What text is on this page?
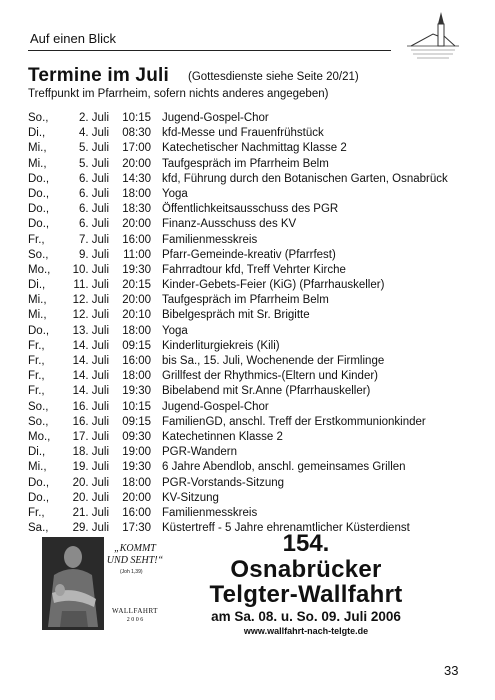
Auf einen Blick
Termine im Juli (Gottesdienste siehe Seite 20/21)
Treffpunkt im Pfarrheim, sofern nichts anderes angegeben)
So.,	2. Juli	10:15 Jugend-Gospel-Chor
Di.,	4. Juli	08:30 kfd-Messe und Frauenfrühstück
Mi.,	5. Juli	17:00 Katechetischer Nachmittag Klasse 2
Mi.,	5. Juli	20:00 Taufgespräch im Pfarrheim Belm
Do.,	6. Juli	14:30 kfd, Führung durch den Botanischen Garten, Osnabrück
Do.,	6. Juli	18:00 Yoga
Do.,	6. Juli	18:30 Öffentlichkeitsausschuss des PGR
Do.,	6. Juli	20:00 Finanz-Ausschuss des KV
Fr.,	7. Juli	16:00 Familienmesskreis
So.,	9. Juli	11:00 Pfarr-Gemeinde-kreativ (Pfarrfest)
Mo.,	10. Juli	19:30 Fahrradtour kfd, Treff Vehrter Kirche
Di.,	11. Juli	20:15 Kinder-Gebets-Feier (KiG) (Pfarrhauskeller)
Mi.,	12. Juli	20:00 Taufgespräch im Pfarrheim Belm
Mi.,	12. Juli	20:10 Bibelgespräch mit Sr. Brigitte
Do.,	13. Juli	18:00 Yoga
Fr.,	14. Juli	09:15 Kinderliturgiekreis (Kili)
Fr.,	14. Juli	16:00 bis Sa., 15. Juli, Wochenende der Firmlinge
Fr.,	14. Juli	18:00 Grillfest der Rhythmics-(Eltern und Kinder)
Fr.,	14. Juli	19:30 Bibelabend mit Sr.Anne (Pfarrhauskeller)
So.,	16. Juli	10:15 Jugend-Gospel-Chor
So.,	16. Juli	09:15 FamilienGD, anschl. Treff der Erstkommunionkinder
Mo.,	17. Juli	09:30 Katechetinnen Klasse 2
Di.,	18. Juli	19:00 PGR-Wandern
Mi.,	19. Juli	19:30 6 Jahre Abendlob, anschl. gemeinsames Grillen
Do.,	20. Juli	18:00 PGR-Vorstands-Sitzung
Do.,	20. Juli	20:00 KV-Sitzung
Fr.,	21. Juli	16:00 Familienmesskreis
Sa.,	29. Juli	17:30 Küstertreff - 5 Jahre ehrenamtlicher Küsterdienst
„KOMMT UND SEHT!“
(Joh 1,39)
WALLFAHRT
2 0 0 6
154.
Osnabrücker
Telgter-Wallfahrt
am Sa. 08. u. So. 09. Juli 2006
www.wallfahrt-nach-telgte.de
33
